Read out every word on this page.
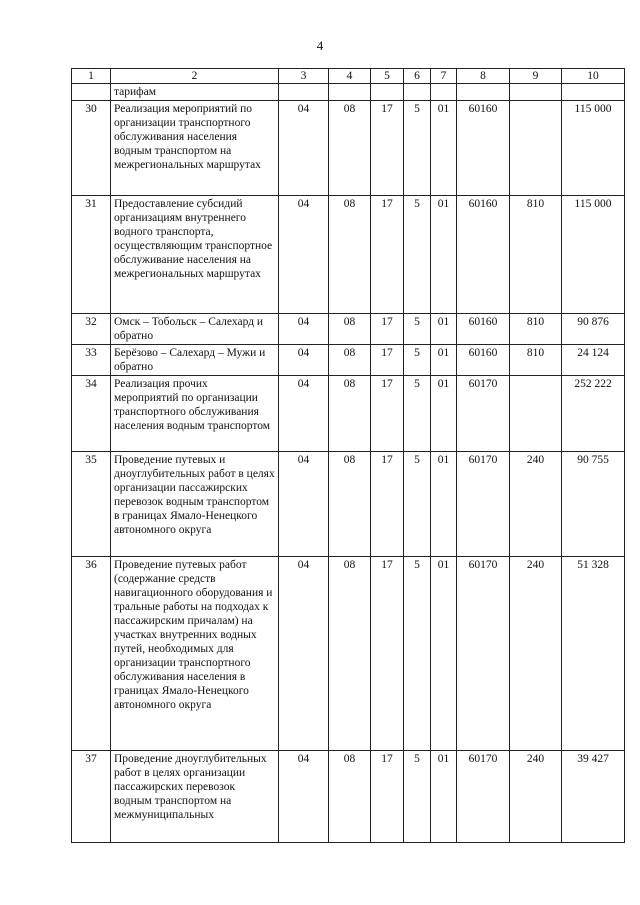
4
1	2	3	4	5	6	7	8	9	10
	тарифам								
30	Реализация мероприятий по организации транспортного обслуживания населения водным транспортом на межрегиональных маршрутах	04	08	17	5	01	60160		115 000
31	Предоставление субсидий организациям внутреннего водного транспорта, осуществляющим транспортное обслуживание населения на межрегиональных маршрутах	04	08	17	5	01	60160	810	115 000
32	Омск – Тобольск – Салехард и обратно	04	08	17	5	01	60160	810	90 876
33	Берёзово – Салехард – Мужи и обратно	04	08	17	5	01	60160	810	24 124
34	Реализация прочих мероприятий по организации транспортного обслуживания населения водным транспортом	04	08	17	5	01	60170		252 222
35	Проведение путевых и дноуглубительных работ в целях организации пассажирских перевозок водным транспортом в границах Ямало-Ненецкого автономного округа	04	08	17	5	01	60170	240	90 755
36	Проведение путевых работ (содержание средств навигационного оборудования и тральные работы на подходах к пассажирским причалам) на участках внутренних водных путей, необходимых для организации транспортного обслуживания населения в границах Ямало-Ненецкого автономного округа	04	08	17	5	01	60170	240	51 328
37	Проведение дноуглубительных работ в целях организации пассажирских перевозок водным транспортом на межмуниципальных	04	08	17	5	01	60170	240	39 427
